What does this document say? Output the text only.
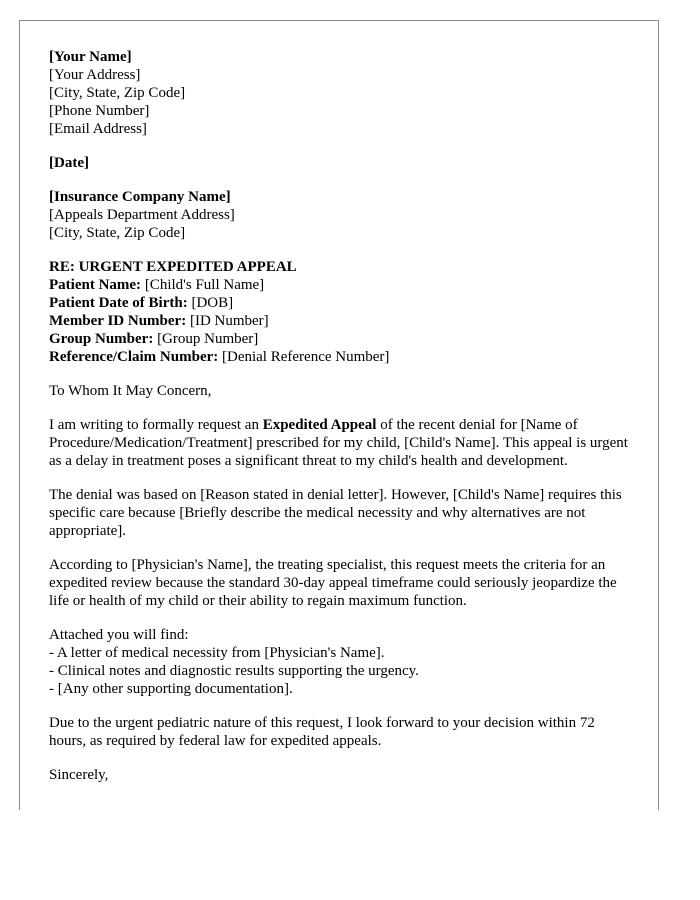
[Your Name]
[Your Address]
[City, State, Zip Code]
[Phone Number]
[Email Address]
[Date]
[Insurance Company Name]
[Appeals Department Address]
[City, State, Zip Code]
RE: URGENT EXPEDITED APPEAL
Patient Name: [Child's Full Name]
Patient Date of Birth: [DOB]
Member ID Number: [ID Number]
Group Number: [Group Number]
Reference/Claim Number: [Denial Reference Number]

To Whom It May Concern,

I am writing to formally request an Expedited Appeal of the recent denial for [Name of Procedure/Medication/Treatment] prescribed for my child, [Child's Name]. This appeal is urgent as a delay in treatment poses a significant threat to my child's health and development.

The denial was based on [Reason stated in denial letter]. However, [Child's Name] requires this specific care because [Briefly describe the medical necessity and why alternatives are not appropriate].

According to [Physician's Name], the treating specialist, this request meets the criteria for an expedited review because the standard 30-day appeal timeframe could seriously jeopardize the life or health of my child or their ability to regain maximum function.

Attached you will find:
- A letter of medical necessity from [Physician's Name].
- Clinical notes and diagnostic results supporting the urgency.
- [Any other supporting documentation].

Due to the urgent pediatric nature of this request, I look forward to your decision within 72 hours, as required by federal law for expedited appeals.

Sincerely,
